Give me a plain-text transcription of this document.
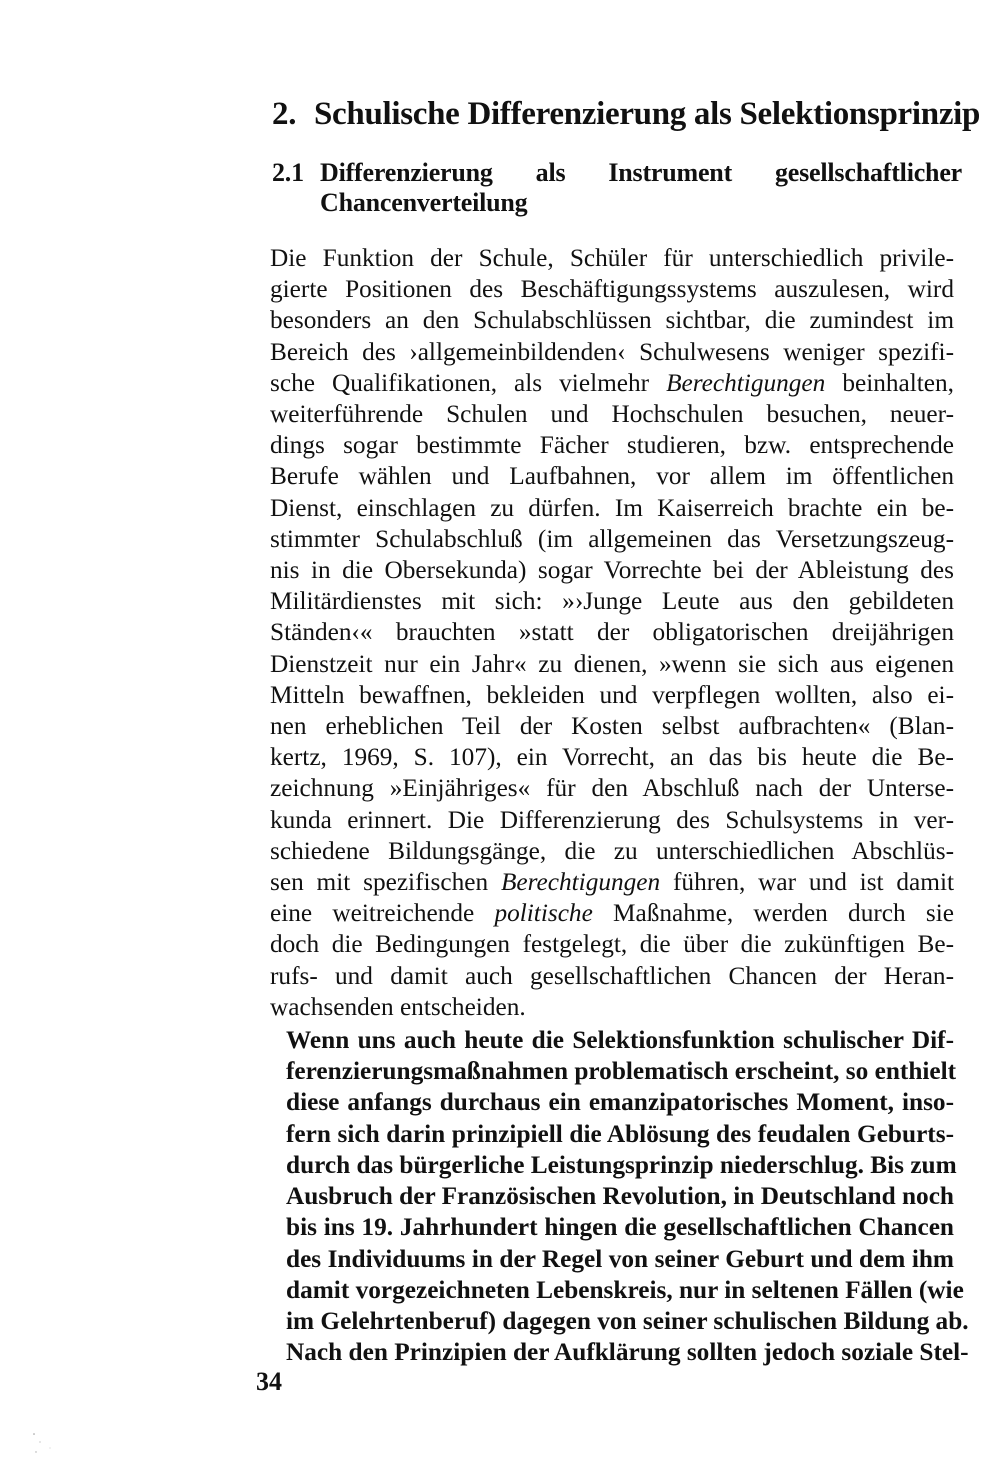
2. Schulische Differenzierung als Selektionsprinzip
2.1 Differenzierung als Instrument gesellschaftlicher Chancenverteilung

Die Funktion der Schule, Schüler für unterschiedlich privile-
gierte Positionen des Beschäftigungssystems auszulesen, wird
besonders an den Schulabschlüssen sichtbar, die zumindest im
Bereich des ›allgemeinbildenden‹ Schulwesens weniger spezifi-
sche Qualifikationen, als vielmehr Berechtigungen beinhalten,
weiterführende Schulen und Hochschulen besuchen, neuer-
dings sogar bestimmte Fächer studieren, bzw. entsprechende
Berufe wählen und Laufbahnen, vor allem im öffentlichen
Dienst, einschlagen zu dürfen. Im Kaiserreich brachte ein be-
stimmter Schulabschluß (im allgemeinen das Versetzungszeug-
nis in die Obersekunda) sogar Vorrechte bei der Ableistung des
Militärdienstes mit sich: »›Junge Leute aus den gebildeten
Ständen‹« brauchten »statt der obligatorischen dreijährigen
Dienstzeit nur ein Jahr« zu dienen, »wenn sie sich aus eigenen
Mitteln bewaffnen, bekleiden und verpflegen wollten, also ei-
nen erheblichen Teil der Kosten selbst aufbrachten« (Blan-
kertz, 1969, S. 107), ein Vorrecht, an das bis heute die Be-
zeichnung »Einjähriges« für den Abschluß nach der Unterse-
kunda erinnert. Die Differenzierung des Schulsystems in ver-
schiedene Bildungsgänge, die zu unterschiedlichen Abschlüs-
sen mit spezifischen Berechtigungen führen, war und ist damit
eine weitreichende politische Maßnahme, werden durch sie
doch die Bedingungen festgelegt, die über die zukünftigen Be-
rufs- und damit auch gesellschaftlichen Chancen der Heran-
wachsenden entscheiden.

Wenn uns auch heute die Selektionsfunktion schulischer Dif-
ferenzierungsmaßnahmen problematisch erscheint, so enthielt
diese anfangs durchaus ein emanzipatorisches Moment, inso-
fern sich darin prinzipiell die Ablösung des feudalen Geburts-
durch das bürgerliche Leistungsprinzip niederschlug. Bis zum
Ausbruch der Französischen Revolution, in Deutschland noch
bis ins 19. Jahrhundert hingen die gesellschaftlichen Chancen
des Individuums in der Regel von seiner Geburt und dem ihm
damit vorgezeichneten Lebenskreis, nur in seltenen Fällen (wie
im Gelehrtenberuf) dagegen von seiner schulischen Bildung ab.
Nach den Prinzipien der Aufklärung sollten jedoch soziale Stel-

34
